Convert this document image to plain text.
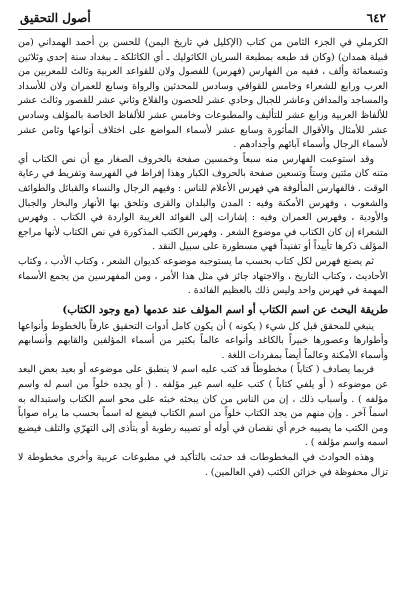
٦٤٢
أصول التحقيق

الكرملي في الجزء الثامن من كتاب (الإكليل في تاريخ اليمن) للحسن بن أحمد الهمداني (من قبيلة همدان) (وكان قد طبعه بمطبعة السريان الكاثوليك ـ أي الكاثلكة ـ ببغداد سنة إحدى وثلاثين وتسعمائة وألف ، ففيه من الفهارس (فهرس) للفصول ولان للقواعد العربية وثالث للمعربين من العرب ورابع للشعراء وخامس للقوافي وسادس للمحدثين والرواة وسابع للعمران ولان للأسداد والمساجد والمدافن وعاشر للجبال وحادي عشر للحصون والقلاع وثاني عشر للقصور وثالث عشر للألفاظ العربية ورابع عشر للتأليف والمطبوعات وخامس عشر للألفاظ الخاصة بالمؤلف وسادس عشر للأمثال والأقوال المأثورة وسابع عشر لأسماء المواضع على اختلاف أنواعها وثامن عشر لأسماء الرجال وأسماء آبائهم وأجدادهم .

وقد استوعبت الفهارس منه سبعاً وخمسين صفحة بالحروف الصغار مع أن نص الكتاب أي متنه كان مئتين وستاً وتسعين صفحة بالحروف الكبار وهذا إفراط في الفهرسة وتفريط في رعاية الوقت . فالفهارس المألوفة هي فهرس الأعلام للناس : وفيهم الرجال والنساء والقبائل والطوائف والشعوب ، وفهرس الأمكنة وفيه : المدن والبلدان والقرى وتلحق بها الأنهار والبحار والجبال والأودية ، وفهرس العمران وفيه : إشارات إلى الفوائد الغريبة الواردة في الكتاب . وفهرس الشعراء إن كان الكتاب في موضوع الشعر . وفهرس الكتب المذكورة في نص الكتاب لأنها مراجع المؤلف ذكرها تأييداً أو تفنيداً فهي مسطورة على سبيل النقد .

ثم يصنع فهرس لكل كتاب بحسب ما يستوجبه موضوعه كديوان الشعر ، وكتاب الأدب ، وكتاب الأحاديث ، وكتاب التاريخ ، والاجتهاد جائز في مثل هذا الأمر ، ومن المفهرسين من يجمع الأسماء المهمة في فهرس واحد وليس ذلك بالعظيم الفائدة .

طريقة البحث عن اسم الكتاب أو اسم المؤلف عند عدمها (مع وجود الكتاب)

ينبغي للمحقق قبل كل شيء ( يكونه ) أن يكون كامل أدوات التحقيق عارفاً بالخطوط وأنواعها وأطوارها وعصورها خبيراً بالكاغد وأنواعه عالماً بكثير من أسماء المؤلفين والقابهم وأنسابهم وأسماء الأمكنة وعالماً أيضاً بمفردات اللغة .

فربما يصادف ( كتاباً ) مخطوطاً قد كتب عليه اسم لا ينطبق على موضوعه أو بعيد بعض البعد عن موضوعه ( أو يلفي كتاباً ) كتب عليه اسم غير مؤلفه . ( أو يجده خلواً من اسم له واسم مؤلفه ) . وأسباب ذلك ، إن من الناس من كان يبحثه خبثه على محو اسم الكتاب واستبداله به اسماً آخر . وإن منهم من يجد الكتاب خلواً من اسم الكتاب فيضع له اسماً بحسب ما يراه صواباً ومن الكتب ما يصيبه خرم أي نقصان في أوله أو تصيبه رطوبة أو يتأذى إلى التهرّي والتلف فيضيع اسمه واسم مؤلفه ) .

وهذه الحوادث في المخطوطات قد حدثت بالتأكيد في مطبوعات عربية وأخرى مخطوطة لا تزال محفوظة في خزائن الكتب (في العالمين) .
